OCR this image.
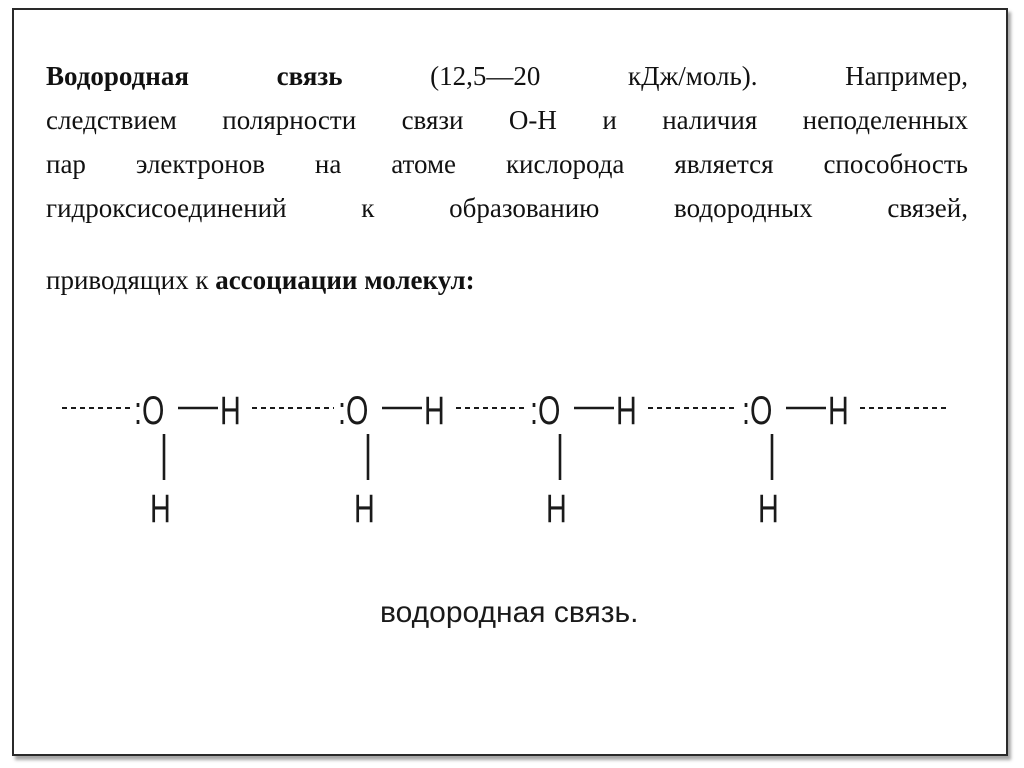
Водородная связь	(12,5—20 кДж/моль). Например,
следствием полярности связи О-Н и наличия неподеленных
пар электронов на атоме кислорода является способность
гидроксисоединений к образованию водородных связей,
приводящих к ассоциации молекул:
:O H
H
:O H
H
:O H
H
:O H
H
водородная связь.
